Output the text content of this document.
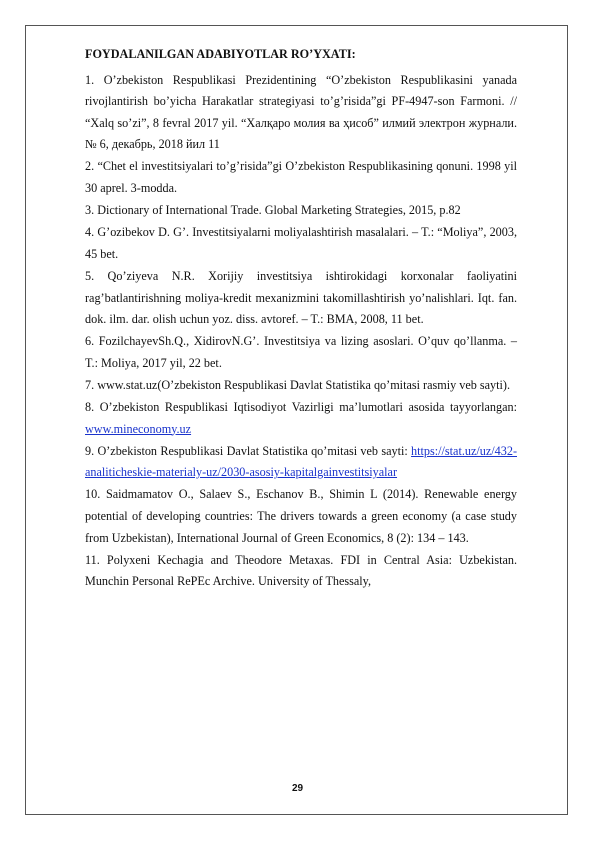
FOYDALANILGAN ADABIYOTLAR RO’YXATI:
1. O’zbekiston Respublikasi Prezidentining “O’zbekiston Respublikasini yanada rivojlantirish bo’yicha Harakatlar strategiyasi to’g’risida”gi PF-4947-son Farmoni. // “Xalq so’zi”, 8 fevral 2017 yil. “Халқаро молия ва ҳисоб” илмий электрон журнали. № 6, декабрь, 2018 йил 11
2. “Chet el investitsiyalari to’g’risida”gi O’zbekiston Respublikasining qonuni. 1998 yil 30 aprel. 3-modda.
3. Dictionary of International Trade. Global Marketing Strategies, 2015, p.82
4. G’ozibekov D. G’. Investitsiyalarni moliyalashtirish masalalari. – T.: “Moliya”, 2003, 45 bet.
5. Qo’ziyeva N.R. Xorijiy investitsiya ishtirokidagi korxonalar faoliyatini rag’batlantirishning moliya-kredit mexanizmini takomillashtirish yo’nalishlari. Iqt. fan. dok. ilm. dar. olish uchun yoz. diss. avtoref. – T.: BMA, 2008, 11 bet.
6. FozilchayevSh.Q., XidirovN.G’. Investitsiya va lizing asoslari. O’quv qo’llanma. – T.: Moliya, 2017 yil, 22 bet.
7. www.stat.uz(O’zbekiston Respublikasi Davlat Statistika qo’mitasi rasmiy veb sayti).
8. O’zbekiston Respublikasi Iqtisodiyot Vazirligi ma’lumotlari asosida tayyorlangan: www.mineconomy.uz
9. O’zbekiston Respublikasi Davlat Statistika qo’mitasi veb sayti: https://stat.uz/uz/432-analiticheskie-materialy-uz/2030-asosiy-kapitalgainvestitsiyalar
10. Saidmamatov O., Salaev S., Eschanov B., Shimin L (2014). Renewable energy potential of developing countries: The drivers towards a green economy (a case study from Uzbekistan), International Journal of Green Economics, 8 (2): 134 – 143.
11. Polyxeni Kechagia and Theodore Metaxas. FDI in Central Asia: Uzbekistan. Munchin Personal RePEc Archive. University of Thessaly,
29
